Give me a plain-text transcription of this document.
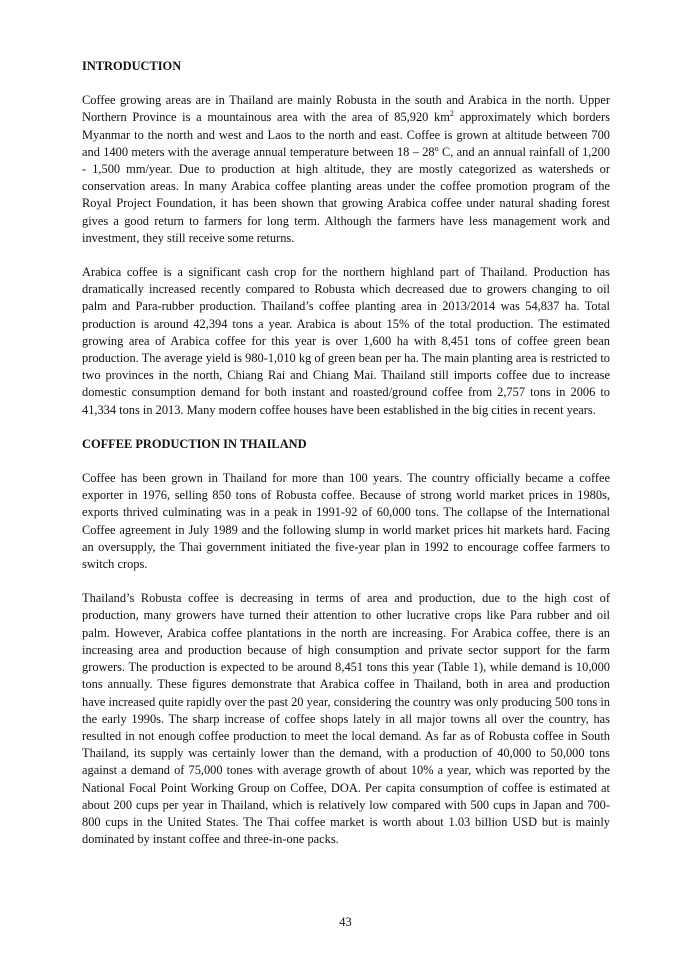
INTRODUCTION

Coffee growing areas are in Thailand are mainly Robusta in the south and Arabica in the north. Upper Northern Province is a mountainous area with the area of 85,920 $km^2$ approximately which borders Myanmar to the north and west and Laos to the north and east. Coffee is grown at altitude between 700 and 1400 meters with the average annual temperature between 18 – 28$^o$ C, and an annual rainfall of 1,200 - 1,500 mm/year. Due to production at high altitude, they are mostly categorized as watersheds or conservation areas. In many Arabica coffee planting areas under the coffee promotion program of the Royal Project Foundation, it has been shown that growing Arabica coffee under natural shading forest gives a good return to farmers for long term. Although the farmers have less management work and investment, they still receive some returns.

Arabica coffee is a significant cash crop for the northern highland part of Thailand. Production has dramatically increased recently compared to Robusta which decreased due to growers changing to oil palm and Para-rubber production. Thailand’s coffee planting area in 2013/2014 was 54,837 ha. Total production is around 42,394 tons a year. Arabica is about 15% of the total production. The estimated growing area of Arabica coffee for this year is over 1,600 ha with 8,451 tons of coffee green bean production. The average yield is 980-1,010 kg of green bean per ha. The main planting area is restricted to two provinces in the north, Chiang Rai and Chiang Mai. Thailand still imports coffee due to increase domestic consumption demand for both instant and roasted/ground coffee from 2,757 tons in 2006 to 41,334 tons in 2013. Many modern coffee houses have been established in the big cities in recent years.

COFFEE PRODUCTION IN THAILAND

Coffee has been grown in Thailand for more than 100 years. The country officially became a coffee exporter in 1976, selling 850 tons of Robusta coffee. Because of strong world market prices in 1980s, exports thrived culminating was in a peak in 1991-92 of 60,000 tons. The collapse of the International Coffee agreement in July 1989 and the following slump in world market prices hit markets hard. Facing an oversupply, the Thai government initiated the five-year plan in 1992 to encourage coffee farmers to switch crops.

Thailand’s Robusta coffee is decreasing in terms of area and production, due to the high cost of production, many growers have turned their attention to other lucrative crops like Para rubber and oil palm. However, Arabica coffee plantations in the north are increasing. For Arabica coffee, there is an increasing area and production because of high consumption and private sector support for the farm growers. The production is expected to be around 8,451 tons this year (Table 1), while demand is 10,000 tons annually. These figures demonstrate that Arabica coffee in Thailand, both in area and production have increased quite rapidly over the past 20 year, considering the country was only producing 500 tons in the early 1990s. The sharp increase of coffee shops lately in all major towns all over the country, has resulted in not enough coffee production to meet the local demand. As far as of Robusta coffee in South Thailand, its supply was certainly lower than the demand, with a production of 40,000 to 50,000 tons against a demand of 75,000 tones with average growth of about 10% a year, which was reported by the National Focal Point Working Group on Coffee, DOA. Per capita consumption of coffee is estimated at about 200 cups per year in Thailand, which is relatively low compared with 500 cups in Japan and 700-800 cups in the United States. The Thai coffee market is worth about 1.03 billion USD but is mainly dominated by instant coffee and three-in-one packs.

43
